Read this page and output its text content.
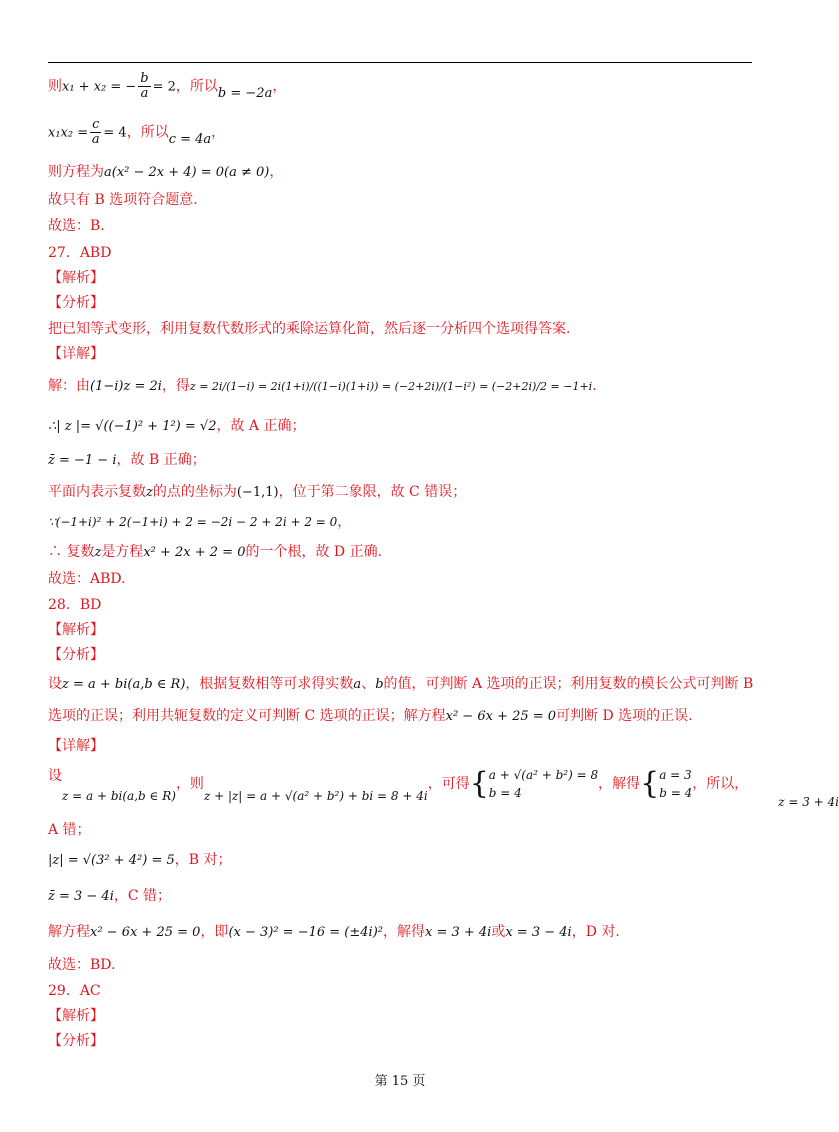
则x₁ + x₂ = − $\frac{b}{a} = 2$，所以b = −2a，
$x_1x_2 = \frac{c}{a} = 4$，所以c = 4a，
则方程为a(x² − 2x + 4) = 0(a ≠ 0)，
故只有 B 选项符合题意.
故选：B.
27．ABD
【解析】
【分析】
把已知等式变形，利用复数代数形式的乘除运算化简，然后逐一分析四个选项得答案.
【详解】
解：由(1−i)z = 2i，得z = 2i/(1−i) = 2i(1+i)/((1−i)(1+i)) = (−2+2i)/(1−i²) = (−2+2i)/2 = −1+i.
∴| z |= √((−1)² + 1²) = √2，故 A 正确；
z̄ = −1 − i，故 B 正确；
平面内表示复数z的点的坐标为(−1,1)，位于第二象限，故 C 错误；
∵(−1+i)² + 2(−1+i) + 2 = −2i − 2 + 2i + 2 = 0，
∴ 复数z是方程x² + 2x + 2 = 0的一个根，故 D 正确.
故选：ABD.
28．BD
【解析】
【分析】
设z = a + bi(a,b ∈ R)，根据复数相等可求得实数a、b的值，可判断 A 选项的正误；利用复数的模长公式可判断 B
选项的正误；利用共轭复数的定义可判断 C 选项的正误；解方程x² − 6x + 25 = 0可判断 D 选项的正误.
【详解】
设z = a + bi(a,b ∈ R)，则z + |z| = a + √(a² + b²) + bi = 8 + 4i，可得{ a + √(a² + b²) = 8
b = 4
，解得{ a = 3
b = 4
，所以，z = 3 + 4i
A 错；
|z| = √(3² + 4²) = 5，B 对；
z̄ = 3 − 4i，C 错；
解方程x² − 6x + 25 = 0，即(x − 3)² = −16 = (±4i)²，解得x = 3 + 4i或x = 3 − 4i，D 对.
故选：BD.
29．AC
【解析】
【分析】
第 15 页
